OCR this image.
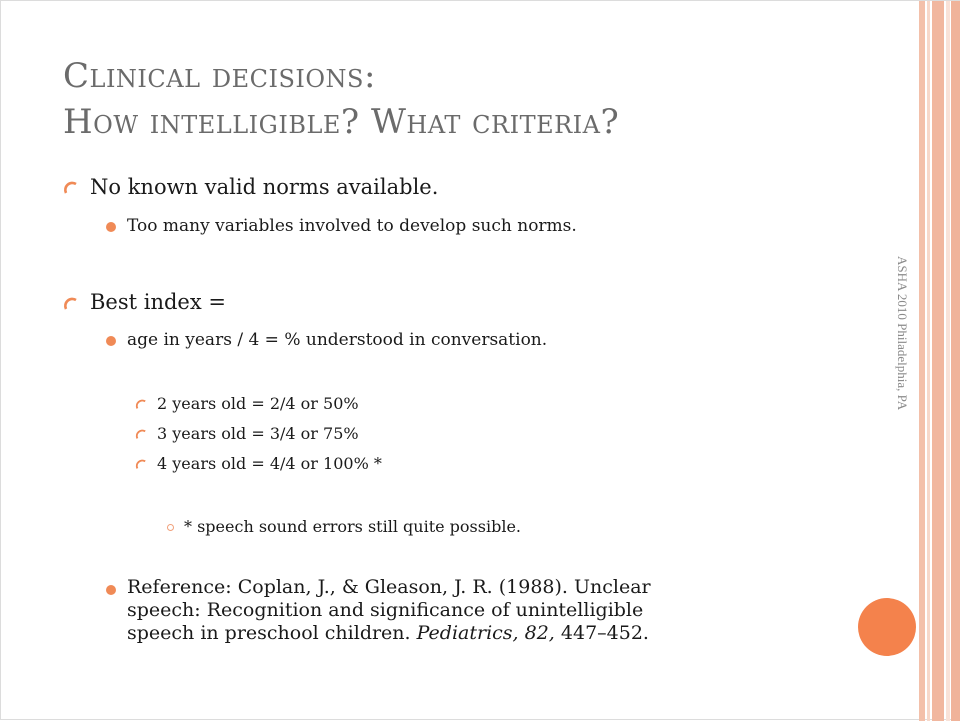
Clinical decisions:
How intelligible? What criteria?
ASHA 2010 Philadelphia, PA
No known valid norms available.
Too many variables involved to develop such norms.
Best index =
age in years / 4 = % understood in conversation.
2 years old = 2/4 or 50%
3 years old = 3/4 or 75%
4 years old = 4/4 or 100% *
* speech sound errors still quite possible.
Reference: Coplan, J., & Gleason, J. R. (1988). Unclear
speech: Recognition and significance of unintelligible
speech in preschool children. Pediatrics, 82, 447–452.
